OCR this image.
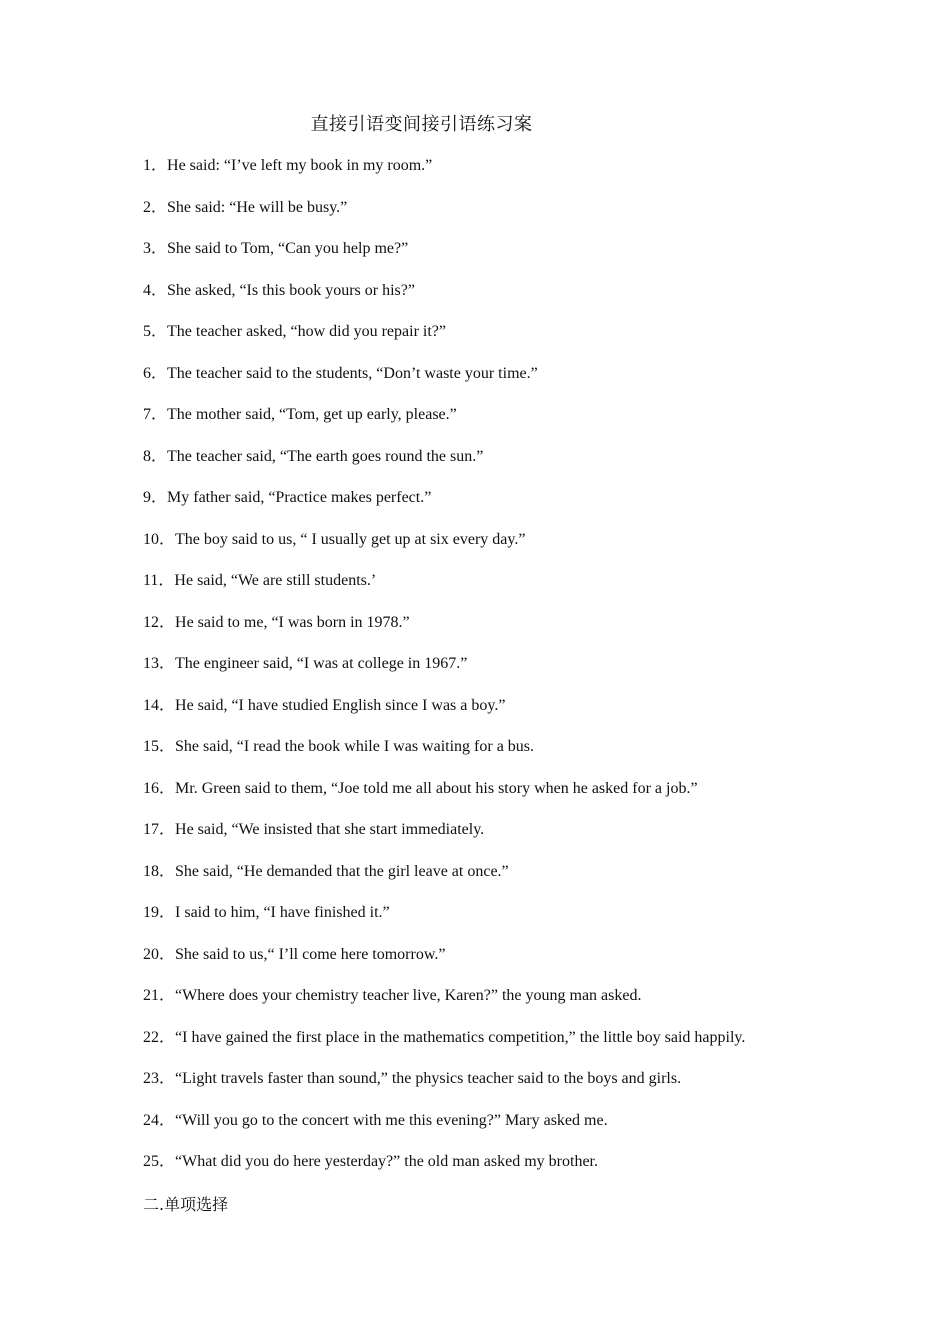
直接引语变间接引语练习案
1 ． He said: “I’ve left my book in my room.”
2 ． She said: “He will be busy.”
3 ． She said to Tom, “Can you help me?”
4 ． She asked, “Is this book yours or his?”
5 ． The teacher asked, “how did you repair it?”
6 ． The teacher said to the students, “Don’t waste your time.”
7 ． The mother said, “Tom, get up early, please.”
8 ． The teacher said, “The earth goes round the sun.”
9 ． My father said, “Practice makes perfect.”
10 ． The boy said to us, “ I usually get up at six every day.”
11 ． He said, “We are still students.’
12 ． He said to me, “I was born in 1978.”
13 ． The engineer said, “I was at college in 1967.”
14 ． He said, “I have studied English since I was a boy.”
15 ． She said, “I read the book while I was waiting for a bus.
16 ． Mr. Green said to them, “Joe told me all about his story when he asked for a job.”
17 ． He said, “We insisted that she start immediately.
18 ． She said, “He demanded that the girl leave at once.”
19 ． I said to him, “I have finished it.”
20 ． She said to us,“ I’ll come here tomorrow.”
21 ． “Where does your chemistry teacher live, Karen?” the young man asked.
22 ． “I have gained the first place in the mathematics competition,” the little boy said happily.
23 ． “Light travels faster than sound,” the physics teacher said to the boys and girls.
24 ． “Will you go to the concert with me this evening?” Mary asked me.
25 ． “What did you do here yesterday?” the old man asked my brother.
二.单项选择
